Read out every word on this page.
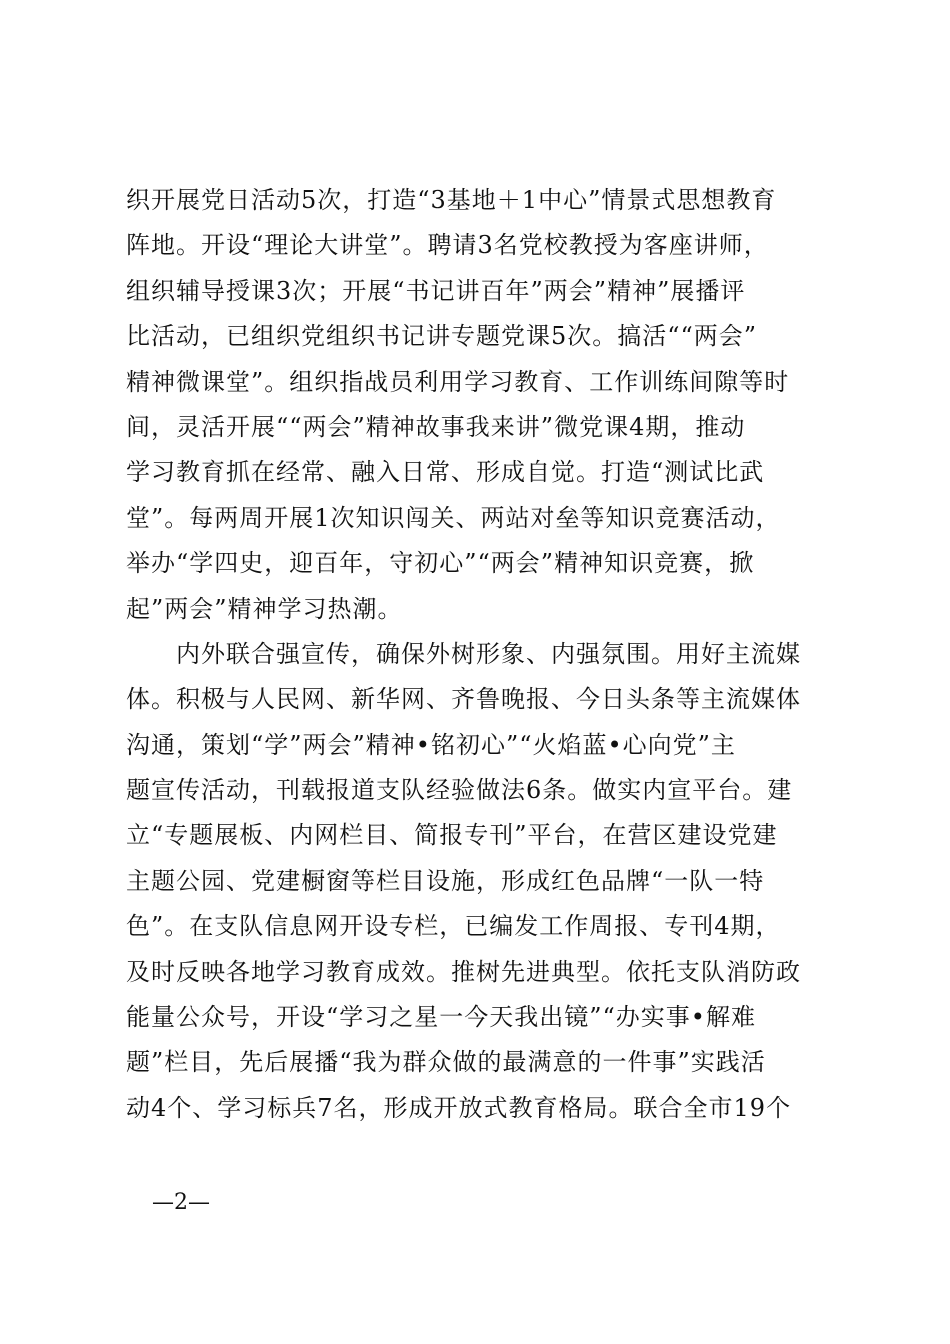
织开展党日活动5次，打造“3基地＋1中心”情景式思想教育
阵地。开设“理论大讲堂”。聘请3名党校教授为客座讲师，
组织辅导授课3次；开展“书记讲百年”两会”精神”展播评
比活动，已组织党组织书记讲专题党课5次。搞活““两会”
精神微课堂”。组织指战员利用学习教育、工作训练间隙等时
间，灵活开展““两会”精神故事我来讲”微党课4期，推动
学习教育抓在经常、融入日常、形成自觉。打造“测试比武
堂”。每两周开展1次知识闯关、两站对垒等知识竞赛活动，
举办“学四史，迎百年，守初心”“两会”精神知识竞赛，掀
起”两会”精神学习热潮。
　　内外联合强宣传，确保外树形象、内强氛围。用好主流媒
体。积极与人民网、新华网、齐鲁晚报、今日头条等主流媒体
沟通，策划“学”两会”精神•铭初心”“火焰蓝•心向党”主
题宣传活动，刊载报道支队经验做法6条。做实内宣平台。建
立“专题展板、内网栏目、简报专刊”平台，在营区建设党建
主题公园、党建橱窗等栏目设施，形成红色品牌“一队一特
色”。在支队信息网开设专栏，已编发工作周报、专刊4期，
及时反映各地学习教育成效。推树先进典型。依托支队消防政
能量公众号，开设“学习之星一今天我出镜”“办实事•解难
题”栏目，先后展播“我为群众做的最满意的一件事”实践活
动4个、学习标兵7名，形成开放式教育格局。联合全市19个
—2—
